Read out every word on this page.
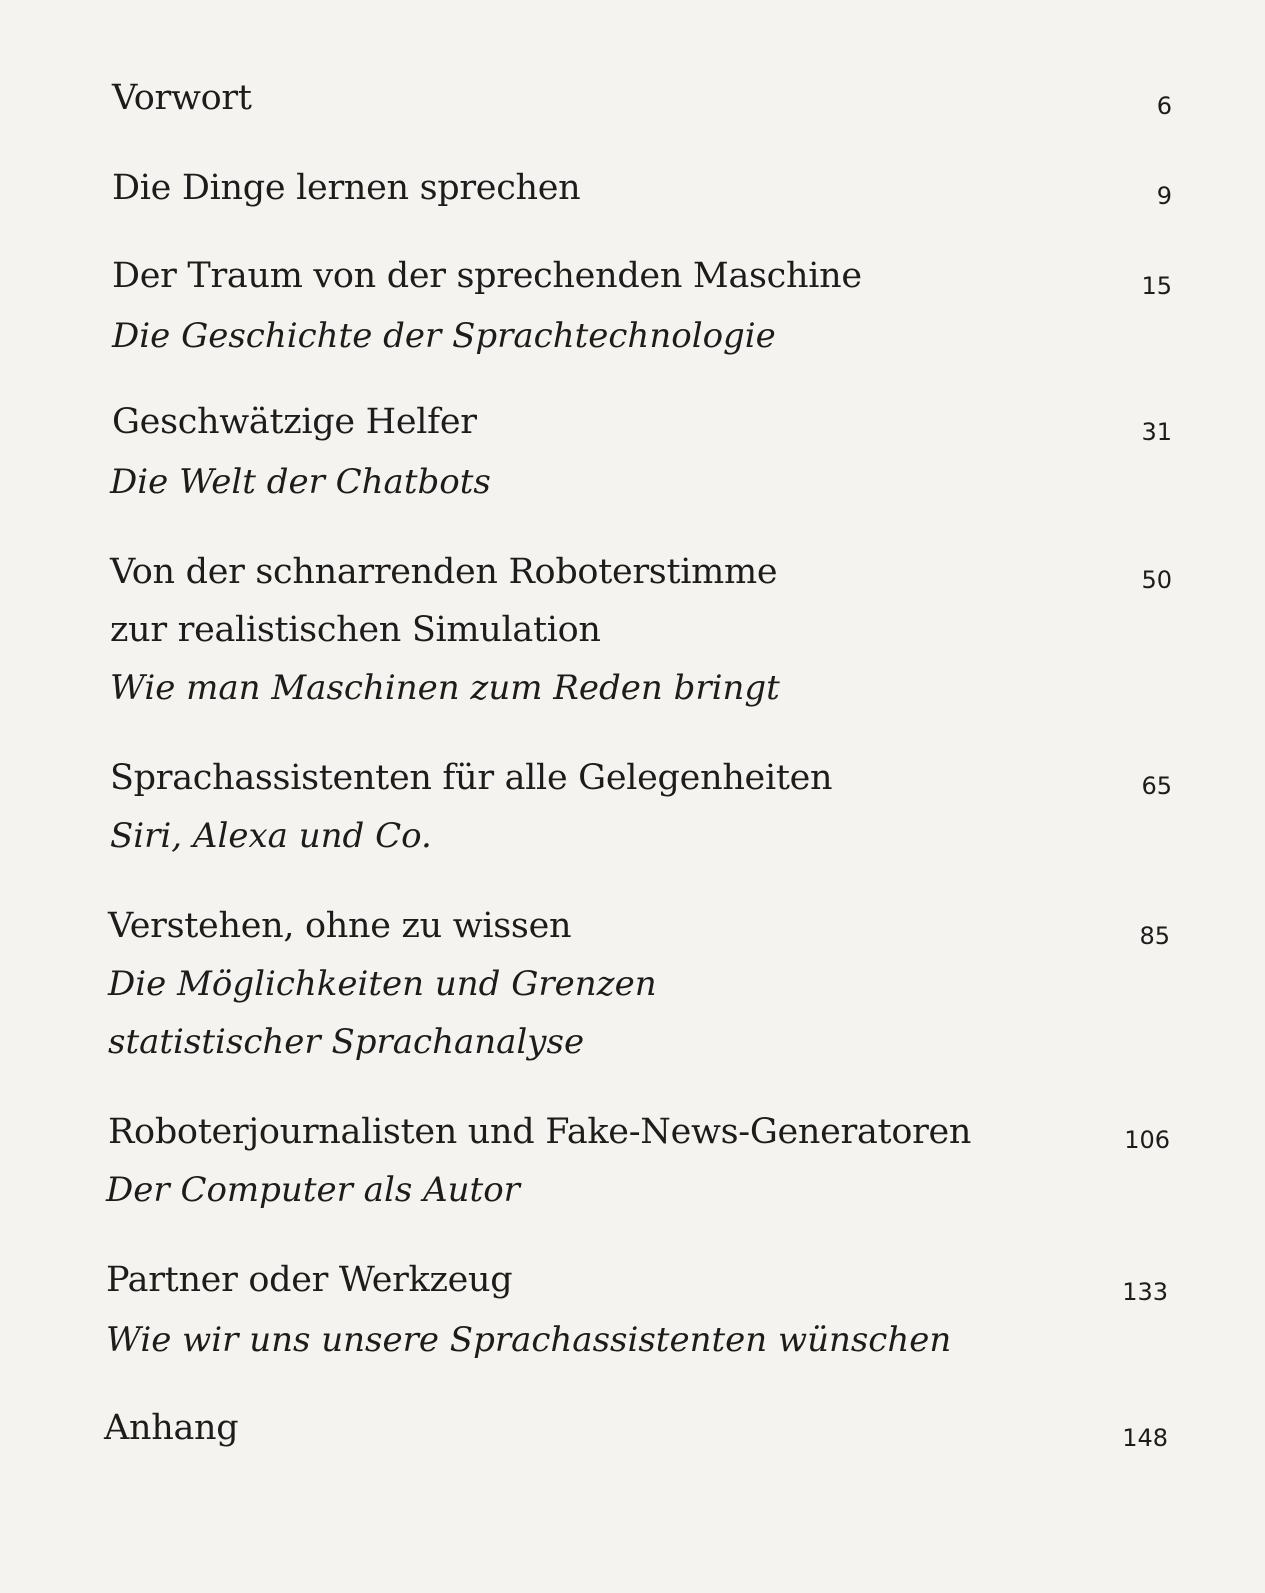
Vorwort	6
Die Dinge lernen sprechen	9
Der Traum von der sprechenden Maschine	15
Die Geschichte der Sprachtechnologie
Geschwätzige Helfer	31
Die Welt der Chatbots
Von der schnarrenden Roboterstimme	50
zur realistischen Simulation
Wie man Maschinen zum Reden bringt
Sprachassistenten für alle Gelegenheiten	65
Siri, Alexa und Co.
Verstehen, ohne zu wissen	85
Die Möglichkeiten und Grenzen
statistischer Sprachanalyse
Roboterjournalisten und Fake-News-Generatoren	106
Der Computer als Autor
Partner oder Werkzeug	133
Wie wir uns unsere Sprachassistenten wünschen
Anhang	148
